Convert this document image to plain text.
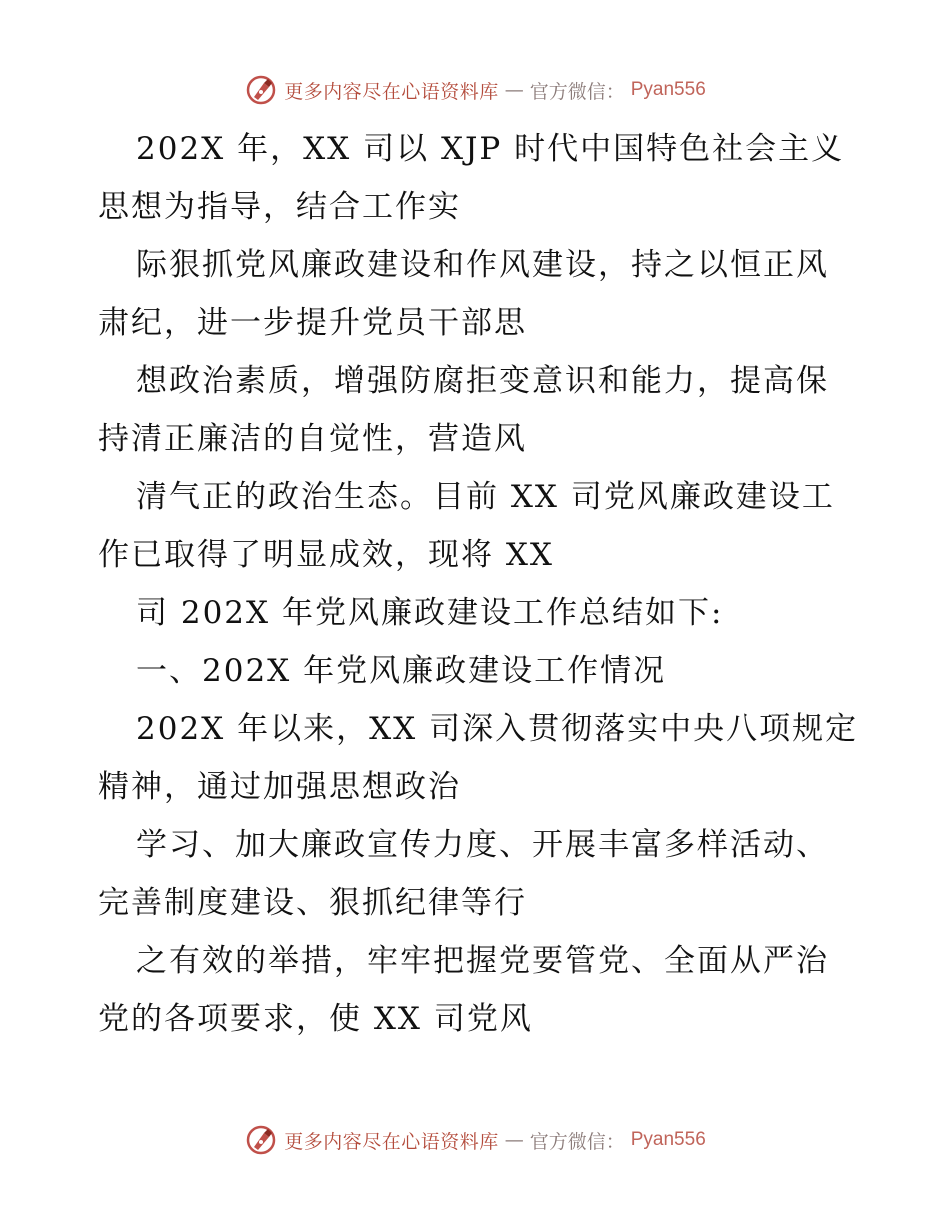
更多内容尽在心语资料库 — 官方微信： Pyan556

202X 年，XX 司以 XJP 时代中国特色社会主义
思想为指导，结合工作实

际狠抓党风廉政建设和作风建设，持之以恒正风
肃纪，进一步提升党员干部思

想政治素质，增强防腐拒变意识和能力，提高保
持清正廉洁的自觉性，营造风

清气正的政治生态。目前 XX 司党风廉政建设工
作已取得了明显成效，现将 XX

司 202X 年党风廉政建设工作总结如下:

一、202X 年党风廉政建设工作情况

202X 年以来，XX 司深入贯彻落实中央八项规定
精神，通过加强思想政治

学习、加大廉政宣传力度、开展丰富多样活动、
完善制度建设、狠抓纪律等行

之有效的举措，牢牢把握党要管党、全面从严治
党的各项要求，使 XX 司党风

更多内容尽在心语资料库 — 官方微信： Pyan556
